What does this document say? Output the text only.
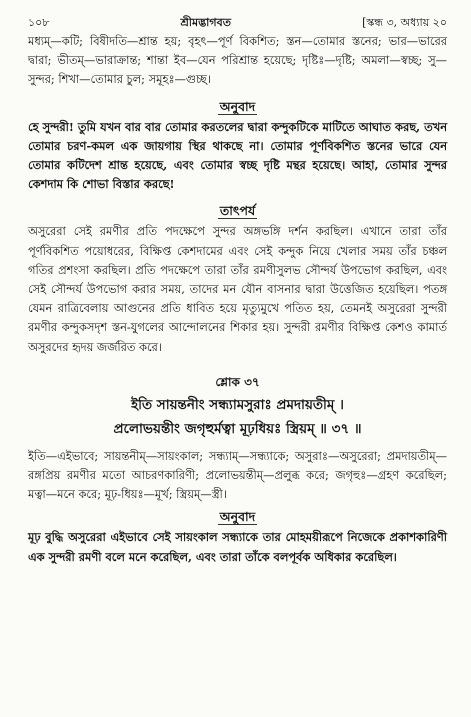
১০৮	শ্রীমদ্ভাগবত	[স্কন্ধ ৩, অধ্যায় ২০
মধ্যম্—কটি; বিষীদতি—শ্রান্ত হয়; বৃহৎ—পূর্ণ বিকশিত; স্তন—তোমার স্তনের; ভার—ভারের দ্বারা; ভীতম্—ভারাক্রান্ত; শান্তা ইব—যেন পরিশ্রান্ত হয়েছে; দৃষ্টিঃ—দৃষ্টি; অমলা—স্বচ্ছ; সু—সুন্দর; শিখা—তোমার চুল; সমূহঃ—গুচ্ছ।
অনুবাদ
হে সুন্দরী! তুমি যখন বার বার তোমার করতলের দ্বারা কন্দুকটিকে মাটিতে আঘাত করছ, তখন তোমার চরণ-কমল এক জায়গায় স্থির থাকছে না। তোমার পূর্ণবিকশিত স্তনের ভারে যেন তোমার কটিদেশ শ্রান্ত হয়েছে, এবং তোমার স্বচ্ছ দৃষ্টি মন্থর হয়েছে। আহা, তোমার সুন্দর কেশদাম কি শোভা বিস্তার করছে!
তাৎপর্য
অসুরেরা সেই রমণীর প্রতি পদক্ষেপে সুন্দর অঙ্গভঙ্গি দর্শন করছিল। এখানে তারা তাঁর পূর্ণবিকশিত পয়োধরের, বিক্ষিপ্ত কেশদামের এবং সেই কন্দুক নিয়ে খেলার সময় তাঁর চঞ্চল গতির প্রশংসা করছিল। প্রতি পদক্ষেপে তারা তাঁর রমণীসুলভ সৌন্দর্য উপভোগ করছিল, এবং সেই সৌন্দর্য উপভোগ করার সময়, তাদের মন যৌন বাসনার দ্বারা উত্তেজিত হয়েছিল। পতঙ্গ যেমন রাত্রিবেলায় আগুনের প্রতি ধাবিত হয়ে মৃত্যুমুখে পতিত হয়, তেমনই অসুরেরা সুন্দরী রমণীর কন্দুকসদৃশ স্তন-যুগলের আন্দোলনের শিকার হয়। সুন্দরী রমণীর বিক্ষিপ্ত কেশও কামার্ত অসুরদের হৃদয় জর্জরিত করে।
শ্লোক ৩৭
ইতি সায়ন্তনীং সন্ধ্যামসুরাঃ প্রমদায়তীম্ ।
প্রলোভয়ন্তীং জগৃহুর্মত্বা মূঢ়ধিয়ঃ স্ত্রিয়ম্ ॥ ৩৭ ॥
ইতি—এইভাবে; সায়ন্তনীম্—সায়ংকাল; সন্ধ্যাম্—সন্ধ্যাকে; অসুরাঃ—অসুরেরা; প্রমদায়তীম্—রঙ্গপ্রিয় রমণীর মতো আচরণকারিণী; প্রলোভয়ন্তীম্—প্রলুব্ধ করে; জগৃহুঃ—গ্রহণ করেছিল; মত্বা—মনে করে; মূঢ়-ধিয়ঃ—মূর্খ; স্ত্রিয়ম্—স্ত্রী।
অনুবাদ
মূঢ় বুদ্ধি অসুরেরা এইভাবে সেই সায়ংকাল সন্ধ্যাকে তার মোহময়ীরূপে নিজেকে প্রকাশকারিণী এক সুন্দরী রমণী বলে মনে করেছিল, এবং তারা তাঁকে বলপূর্বক অধিকার করেছিল।
